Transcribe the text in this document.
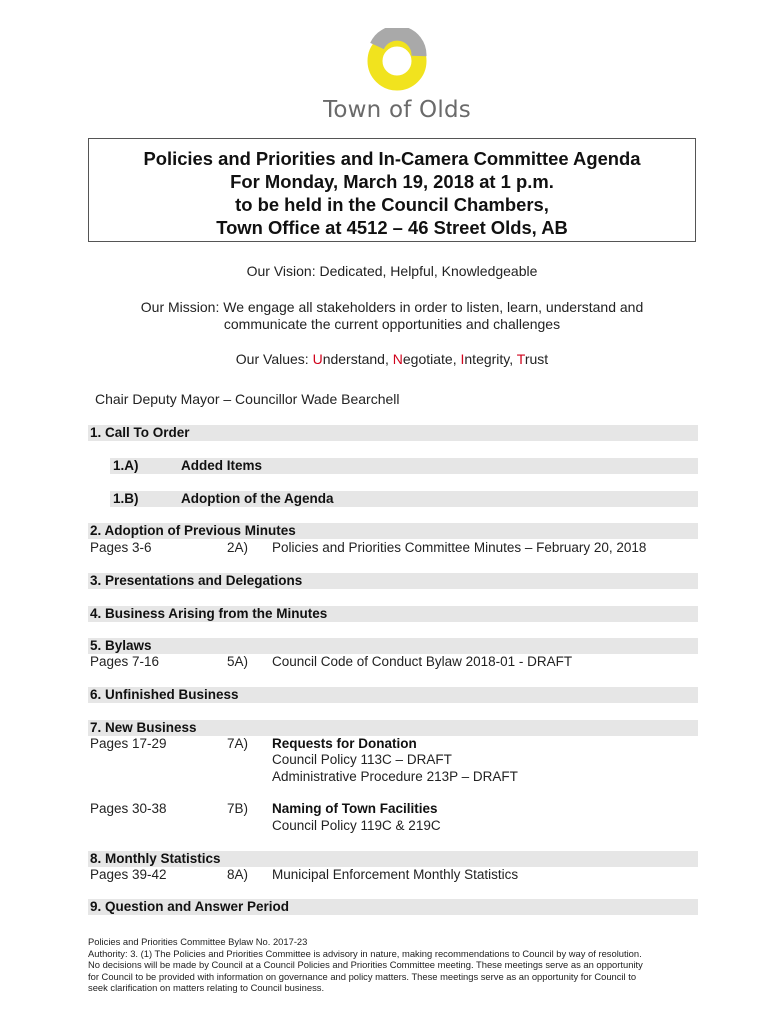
Town of Olds
Policies and Priorities and In-Camera Committee Agenda
For Monday, March 19, 2018 at 1 p.m.
to be held in the Council Chambers,
Town Office at 4512 – 46 Street Olds, AB
Our Vision: Dedicated, Helpful, Knowledgeable
Our Mission: We engage all stakeholders in order to listen, learn, understand and
communicate the current opportunities and challenges
Our Values: Understand, Negotiate, Integrity, Trust
Chair Deputy Mayor – Councillor Wade Bearchell
1. Call To Order
1.A)	Added Items
1.B)	Adoption of the Agenda
2. Adoption of Previous Minutes
Pages 3-6	2A) Policies and Priorities Committee Minutes – February 20, 2018
3. Presentations and Delegations
4. Business Arising from the Minutes
5. Bylaws
Pages 7-16	5A) Council Code of Conduct Bylaw 2018-01 - DRAFT
6. Unfinished Business
7. New Business
Pages 17-29	7A) Requests for Donation
Council Policy 113C – DRAFT
Administrative Procedure 213P – DRAFT
Pages 30-38	7B) Naming of Town Facilities
Council Policy 119C & 219C
8. Monthly Statistics
Pages 39-42	8A) Municipal Enforcement Monthly Statistics
9. Question and Answer Period
Policies and Priorities Committee Bylaw No. 2017-23
Authority: 3. (1) The Policies and Priorities Committee is advisory in nature, making recommendations to Council by way of resolution.
No decisions will be made by Council at a Council Policies and Priorities Committee meeting. These meetings serve as an opportunity
for Council to be provided with information on governance and policy matters. These meetings serve as an opportunity for Council to
seek clarification on matters relating to Council business.
